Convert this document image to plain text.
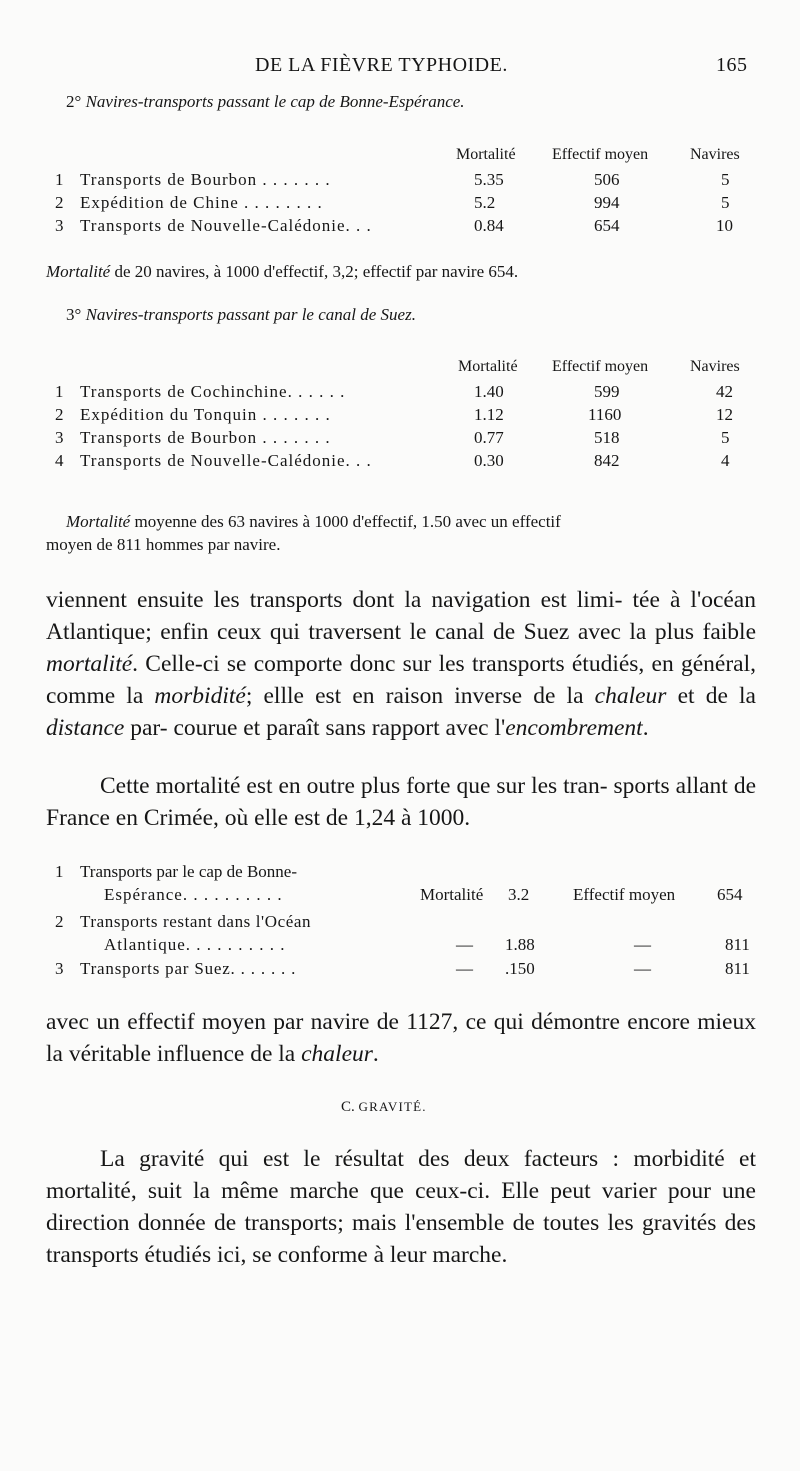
DE LA FIÈVRE TYPHOIDE.	165
2° Navires-transports passant le cap de Bonne-Espérance.
Mortalité Effectif moyen	Navires
1 Transports de Bourbon . . . . . . .	5.35	506	5
2 Expédition de Chine . . . . . . . .	5.2	994	5
3 Transports de Nouvelle-Calédonie. . .	0.84	654	10
Mortalité de 20 navires, à 1000 d'effectif, 3,2; effectif par navire 654.
3° Navires-transports passant par le canal de Suez.
Mortalité Effectif moyen	Navires
1 Transports de Cochinchine. . . . . .	1.40	599	42
2 Expédition du Tonquin . . . . . . .	1.12	1160	12
3 Transports de Bourbon . . . . . . .	0.77	518	5
4 Transports de Nouvelle-Calédonie. . .	0.30	842	4
Mortalité moyenne des 63 navires à 1000 d'effectif, 1.50 avec un effectif
moyen de 811 hommes par navire.
viennent ensuite les transports dont la navigation est limi- tée à l'océan Atlantique; enfin ceux qui traversent le canal de Suez avec la plus faible mortalité. Celle-ci se comporte donc sur les transports étudiés, en général, comme la morbidité; ellle est en raison inverse de la chaleur et de la distance par- courue et paraît sans rapport avec l'encombrement.
Cette mortalité est en outre plus forte que sur les tran- sports allant de France en Crimée, où elle est de 1,24 à 1000.
1 Transports par le cap de Bonne-
Espérance. . . . . . . . . .	Mortalité 3.2	Effectif moyen 654
2 Transports restant dans l'Océan
Atlantique. . . . . . . . . .	— 1.88	—	811
3 Transports par Suez. . . . . . .	— .150	—	811
avec un effectif moyen par navire de 1127, ce qui démontre encore mieux la véritable influence de la chaleur.
C. GRAVITÉ.
La gravité qui est le résultat des deux facteurs : morbidité et mortalité, suit la même marche que ceux-ci. Elle peut varier pour une direction donnée de transports; mais l'ensemble de toutes les gravités des transports étudiés ici, se conforme à leur marche.
